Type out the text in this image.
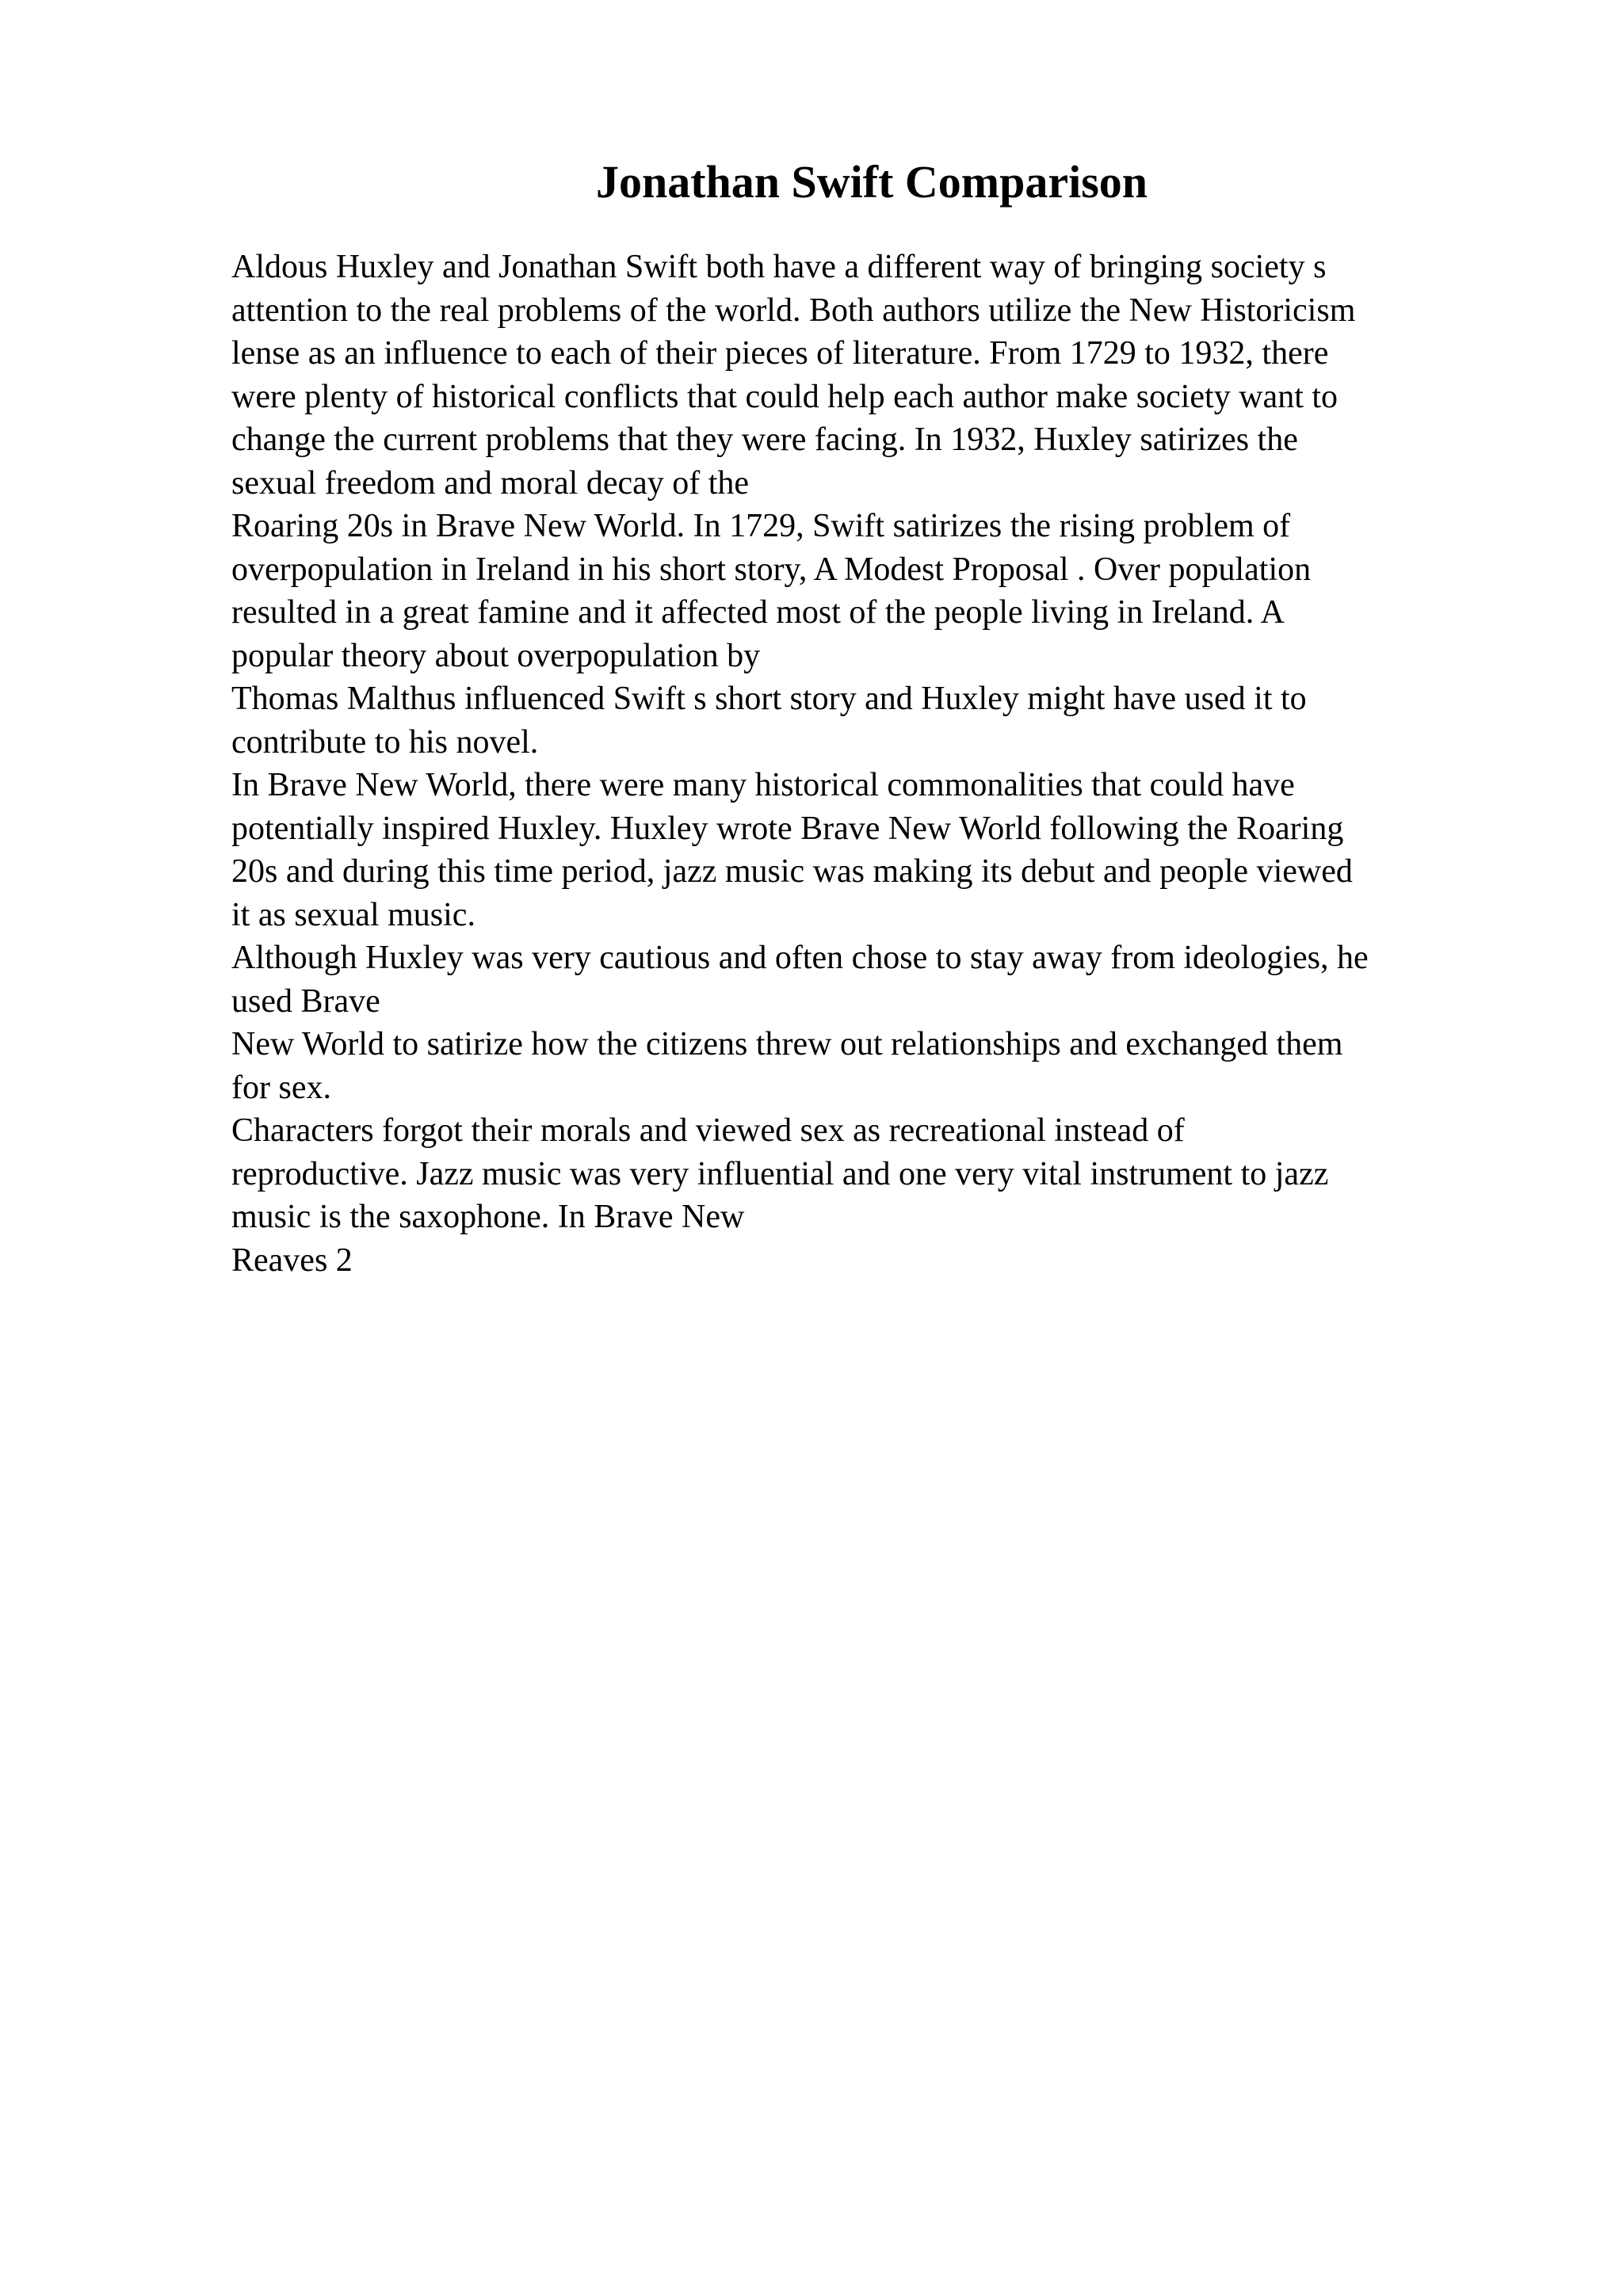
Jonathan Swift Comparison
Aldous Huxley and Jonathan Swift both have a different way of bringing society s
attention to the real problems of the world. Both authors utilize the New Historicism
lense as an influence to each of their pieces of literature. From 1729 to 1932, there
were plenty of historical conflicts that could help each author make society want to
change the current problems that they were facing. In 1932, Huxley satirizes the
sexual freedom and moral decay of the
Roaring 20s in Brave New World. In 1729, Swift satirizes the rising problem of
overpopulation in Ireland in his short story, A Modest Proposal . Over population
resulted in a great famine and it affected most of the people living in Ireland. A
popular theory about overpopulation by
Thomas Malthus influenced Swift s short story and Huxley might have used it to
contribute to his novel.
In Brave New World, there were many historical commonalities that could have
potentially inspired Huxley. Huxley wrote Brave New World following the Roaring
20s and during this time period, jazz music was making its debut and people viewed
it as sexual music.
Although Huxley was very cautious and often chose to stay away from ideologies, he
used Brave
New World to satirize how the citizens threw out relationships and exchanged them
for sex.
Characters forgot their morals and viewed sex as recreational instead of
reproductive. Jazz music was very influential and one very vital instrument to jazz
music is the saxophone. In Brave New
Reaves 2
